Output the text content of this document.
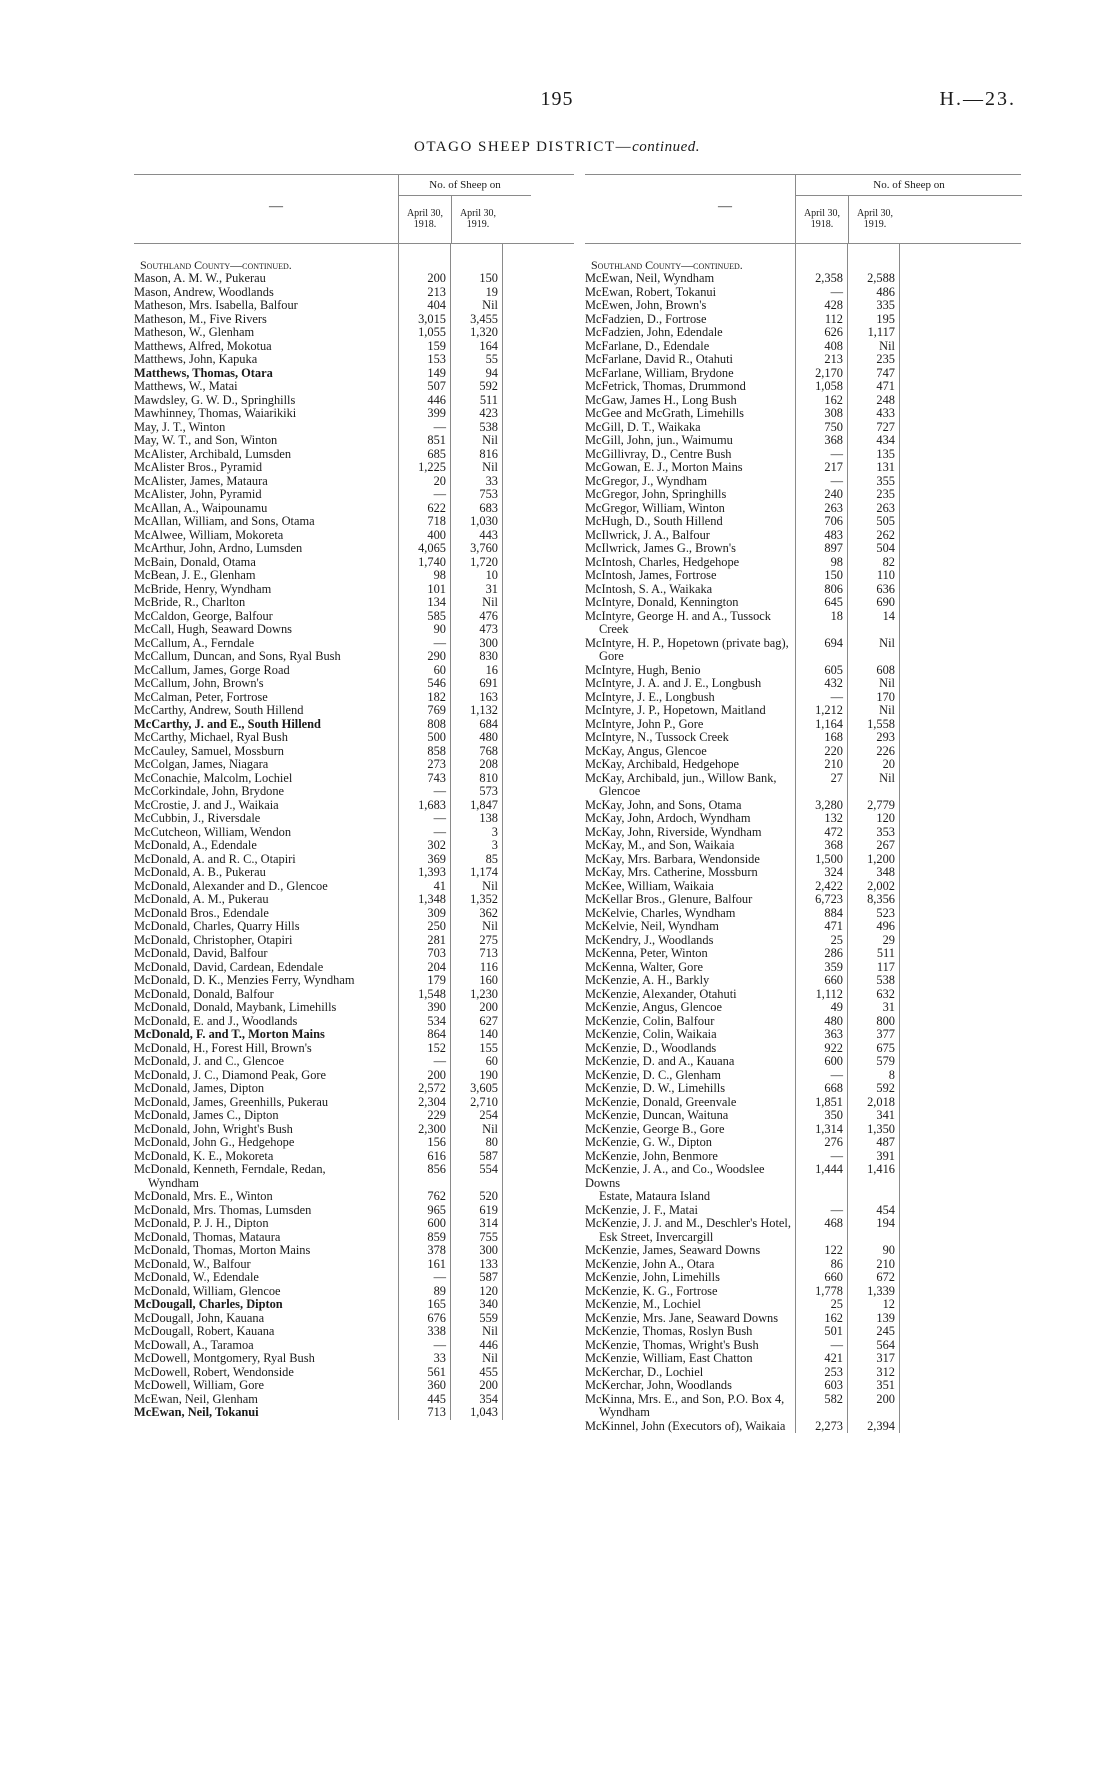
195	H.—23.
OTAGO SHEEP DISTRICT—continued.
—
No. of Sheep on
April 30,
1918.
April 30,
1919.
Southland County—continued.
Mason, A. M. W., Pukerau	200	150
Mason, Andrew, Woodlands	213	19
Matheson, Mrs. Isabella, Balfour	404	Nil
Matheson, M., Five Rivers	3,015	3,455
Matheson, W., Glenham	1,055	1,320
Matthews, Alfred, Mokotua	159	164
Matthews, John, Kapuka	153	55
Matthews, Thomas, Otara	149	94
Matthews, W., Matai	507	592
Mawdsley, G. W. D., Springhills	446	511
Mawhinney, Thomas, Waiarikiki	399	423
May, J. T., Winton	—	538
May, W. T., and Son, Winton	851	Nil
McAlister, Archibald, Lumsden	685	816
McAlister Bros., Pyramid	1,225	Nil
McAlister, James, Mataura	20	33
McAlister, John, Pyramid	—	753
McAllan, A., Waipounamu	622	683
McAllan, William, and Sons, Otama	718	1,030
McAlwee, William, Mokoreta	400	443
McArthur, John, Ardno, Lumsden	4,065	3,760
McBain, Donald, Otama	1,740	1,720
McBean, J. E., Glenham	98	10
McBride, Henry, Wyndham	101	31
McBride, R., Charlton	134	Nil
McCaldon, George, Balfour	585	476
McCall, Hugh, Seaward Downs	90	473
McCallum, A., Ferndale	—	300
McCallum, Duncan, and Sons, Ryal Bush	290	830
McCallum, James, Gorge Road	60	16
McCallum, John, Brown's	546	691
McCalman, Peter, Fortrose	182	163
McCarthy, Andrew, South Hillend	769	1,132
McCarthy, J. and E., South Hillend	808	684
McCarthy, Michael, Ryal Bush	500	480
McCauley, Samuel, Mossburn	858	768
McColgan, James, Niagara	273	208
McConachie, Malcolm, Lochiel	743	810
McCorkindale, John, Brydone	—	573
McCrostie, J. and J., Waikaia	1,683	1,847
McCubbin, J., Riversdale	—	138
McCutcheon, William, Wendon	—	3
McDonald, A., Edendale	302	3
McDonald, A. and R. C., Otapiri	369	85
McDonald, A. B., Pukerau	1,393	1,174
McDonald, Alexander and D., Glencoe	41	Nil
McDonald, A. M., Pukerau	1,348	1,352
McDonald Bros., Edendale	309	362
McDonald, Charles, Quarry Hills	250	Nil
McDonald, Christopher, Otapiri	281	275
McDonald, David, Balfour	703	713
McDonald, David, Cardean, Edendale	204	116
McDonald, D. K., Menzies Ferry, Wyndham	179	160
McDonald, Donald, Balfour	1,548	1,230
McDonald, Donald, Maybank, Limehills	390	200
McDonald, E. and J., Woodlands	534	627
McDonald, F. and T., Morton Mains	864	140
McDonald, H., Forest Hill, Brown's	152	155
McDonald, J. and C., Glencoe	—	60
McDonald, J. C., Diamond Peak, Gore	200	190
McDonald, James, Dipton	2,572	3,605
McDonald, James, Greenhills, Pukerau	2,304	2,710
McDonald, James C., Dipton	229	254
McDonald, John, Wright's Bush	2,300	Nil
McDonald, John G., Hedgehope	156	80
McDonald, K. E., Mokoreta	616	587
McDonald, Kenneth, Ferndale, Redan,
Wyndham
856	554
McDonald, Mrs. E., Winton	762	520
McDonald, Mrs. Thomas, Lumsden	965	619
McDonald, P. J. H., Dipton	600	314
McDonald, Thomas, Mataura	859	755
McDonald, Thomas, Morton Mains	378	300
McDonald, W., Balfour	161	133
McDonald, W., Edendale	—	587
McDonald, William, Glencoe	89	120
McDougall, Charles, Dipton	165	340
McDougall, John, Kauana	676	559
McDougall, Robert, Kauana	338	Nil
McDowall, A., Taramoa	—	446
McDowell, Montgomery, Ryal Bush	33	Nil
McDowell, Robert, Wendonside	561	455
McDowell, William, Gore	360	200
McEwan, Neil, Glenham	445	354
McEwan, Neil, Tokanui	713	1,043
—
No. of Sheep on
April 30,
1918.
April 30,
1919.
Southland County—continued.
McEwan, Neil, Wyndham	2,358	2,588
McEwan, Robert, Tokanui	—	486
McEwen, John, Brown's	428	335
McFadzien, D., Fortrose	112	195
McFadzien, John, Edendale	626	1,117
McFarlane, D., Edendale	408	Nil
McFarlane, David R., Otahuti	213	235
McFarlane, William, Brydone	2,170	747
McFetrick, Thomas, Drummond	1,058	471
McGaw, James H., Long Bush	162	248
McGee and McGrath, Limehills	308	433
McGill, D. T., Waikaka	750	727
McGill, John, jun., Waimumu	368	434
McGillivray, D., Centre Bush	—	135
McGowan, E. J., Morton Mains	217	131
McGregor, J., Wyndham	—	355
McGregor, John, Springhills	240	235
McGregor, William, Winton	263	263
McHugh, D., South Hillend	706	505
McIlwrick, J. A., Balfour	483	262
McIlwrick, James G., Brown's	897	504
McIntosh, Charles, Hedgehope	98	82
McIntosh, James, Fortrose	150	110
McIntosh, S. A., Waikaka	806	636
McIntyre, Donald, Kennington	645	690
McIntyre, George H. and A., Tussock
Creek
18	14
McIntyre, H. P., Hopetown (private bag),
Gore
694	Nil
McIntyre, Hugh, Benio	605	608
McIntyre, J. A. and J. E., Longbush	432	Nil
McIntyre, J. E., Longbush	—	170
McIntyre, J. P., Hopetown, Maitland	1,212	Nil
McIntyre, John P., Gore	1,164	1,558
McIntyre, N., Tussock Creek	168	293
McKay, Angus, Glencoe	220	226
McKay, Archibald, Hedgehope	210	20
McKay, Archibald, jun., Willow Bank,
Glencoe
27	Nil
McKay, John, and Sons, Otama	3,280	2,779
McKay, John, Ardoch, Wyndham	132	120
McKay, John, Riverside, Wyndham	472	353
McKay, M., and Son, Waikaia	368	267
McKay, Mrs. Barbara, Wendonside	1,500	1,200
McKay, Mrs. Catherine, Mossburn	324	348
McKee, William, Waikaia	2,422	2,002
McKellar Bros., Glenure, Balfour	6,723	8,356
McKelvie, Charles, Wyndham	884	523
McKelvie, Neil, Wyndham	471	496
McKendry, J., Woodlands	25	29
McKenna, Peter, Winton	286	511
McKenna, Walter, Gore	359	117
McKenzie, A. H., Barkly	660	538
McKenzie, Alexander, Otahuti	1,112	632
McKenzie, Angus, Glencoe	49	31
McKenzie, Colin, Balfour	480	800
McKenzie, Colin, Waikaia	363	377
McKenzie, D., Woodlands	922	675
McKenzie, D. and A., Kauana	600	579
McKenzie, D. C., Glenham	—	8
McKenzie, D. W., Limehills	668	592
McKenzie, Donald, Greenvale	1,851	2,018
McKenzie, Duncan, Waituna	350	341
McKenzie, George B., Gore	1,314	1,350
McKenzie, G. W., Dipton	276	487
McKenzie, John, Benmore	—	391
McKenzie, J. A., and Co., Woodslee Downs
Estate, Mataura Island
1,444	1,416
McKenzie, J. F., Matai	—	454
McKenzie, J. J. and M., Deschler's Hotel,
Esk Street, Invercargill
468	194
McKenzie, James, Seaward Downs	122	90
McKenzie, John A., Otara	86	210
McKenzie, John, Limehills	660	672
McKenzie, K. G., Fortrose	1,778	1,339
McKenzie, M., Lochiel	25	12
McKenzie, Mrs. Jane, Seaward Downs	162	139
McKenzie, Thomas, Roslyn Bush	501	245
McKenzie, Thomas, Wright's Bush	—	564
McKenzie, William, East Chatton	421	317
McKerchar, D., Lochiel	253	312
McKerchar, John, Woodlands	603	351
McKinna, Mrs. E., and Son, P.O. Box 4,
Wyndham
582	200
McKinnel, John (Executors of), Waikaia	2,273	2,394
